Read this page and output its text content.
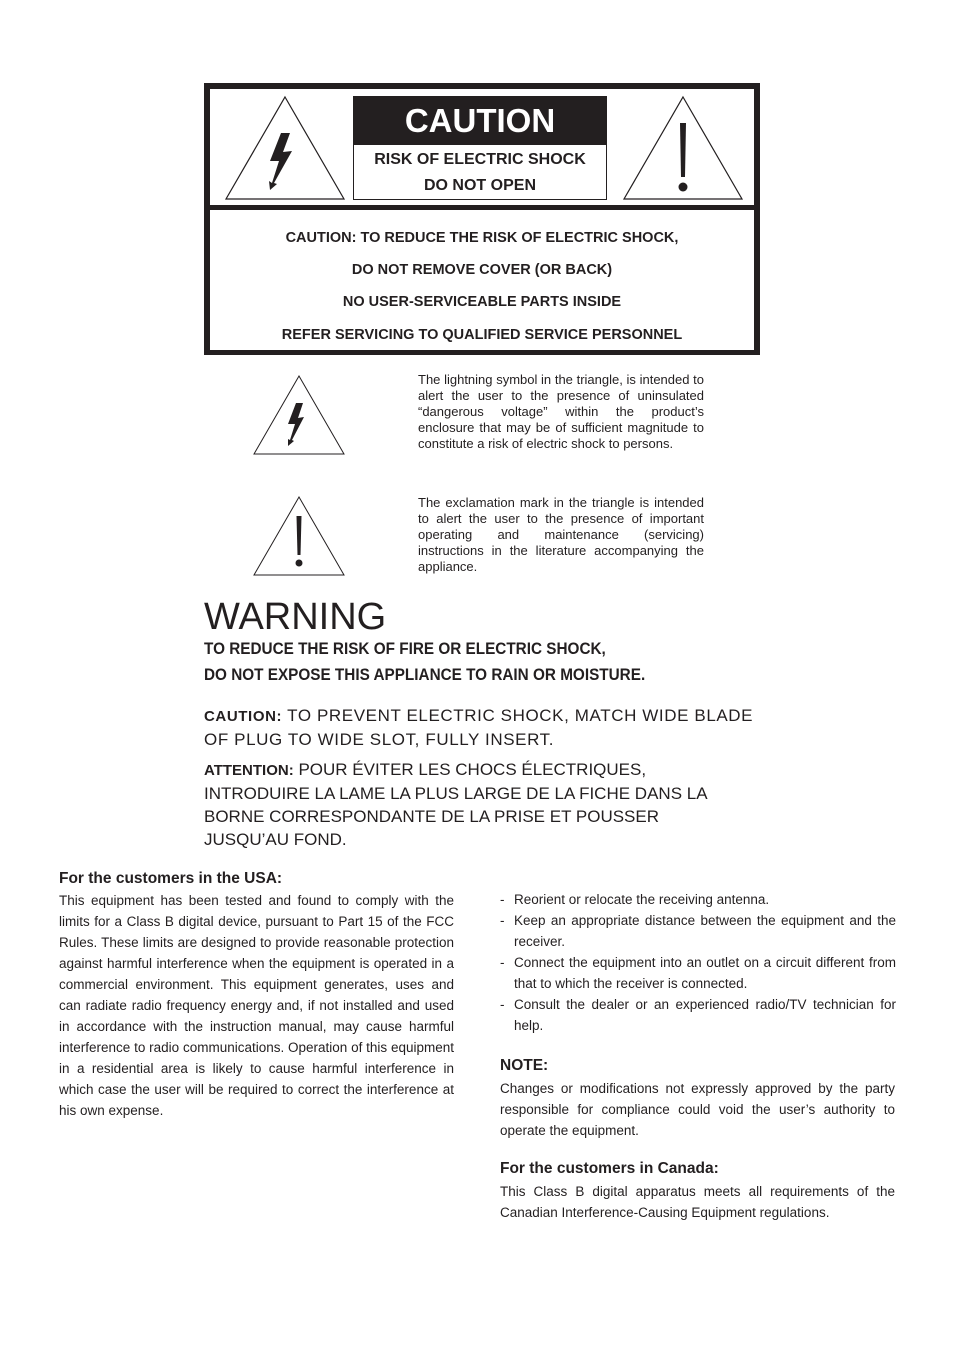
CAUTION
RISK OF ELECTRIC SHOCK
DO NOT OPEN
CAUTION: TO REDUCE THE RISK OF ELECTRIC SHOCK,
DO NOT REMOVE COVER (OR BACK)
NO USER-SERVICEABLE PARTS INSIDE
REFER SERVICING TO QUALIFIED SERVICE PERSONNEL
The lightning symbol in the triangle, is intended to alert the user to the presence of uninsulated “dangerous voltage” within the product’s enclosure that may be of sufficient magnitude to constitute a risk of electric shock to persons.
The exclamation mark in the triangle is intended to alert the user to the presence of important operating and maintenance (servicing) instructions in the literature accompanying the appliance.
WARNING
TO REDUCE THE RISK OF FIRE OR ELECTRIC SHOCK,
DO NOT EXPOSE THIS APPLIANCE TO RAIN OR MOISTURE.
CAUTION: TO PREVENT ELECTRIC SHOCK, MATCH WIDE BLADE OF PLUG TO WIDE SLOT, FULLY INSERT.
ATTENTION: POUR ÉVITER LES CHOCS ÉLECTRIQUES, INTRODUIRE LA LAME LA PLUS LARGE DE LA FICHE DANS LA BORNE CORRESPONDANTE DE LA PRISE ET POUSSER JUSQU’AU FOND.
For the customers in the USA:
This equipment has been tested and found to comply with the limits for a Class B digital device, pursuant to Part 15 of the FCC Rules. These limits are designed to provide reasonable protection against harmful interference when the equipment is operated in a commercial environment. This equipment generates, uses and can radiate radio frequency energy and, if not installed and used in accordance with the instruction manual, may cause harmful interference to radio communications. Operation of this equipment in a residential area is likely to cause harmful interference in which case the user will be required to correct the interference at his own expense.
- Reorient or relocate the receiving antenna.
- Keep an appropriate distance between the equipment and the receiver.
- Connect the equipment into an outlet on a circuit different from that to which the receiver is connected.
- Consult the dealer or an experienced radio/TV technician for help.
NOTE:
Changes or modifications not expressly approved by the party responsible for compliance could void the user’s authority to operate the equipment.
For the customers in Canada:
This Class B digital apparatus meets all requirements of the Canadian Interference-Causing Equipment regulations.
